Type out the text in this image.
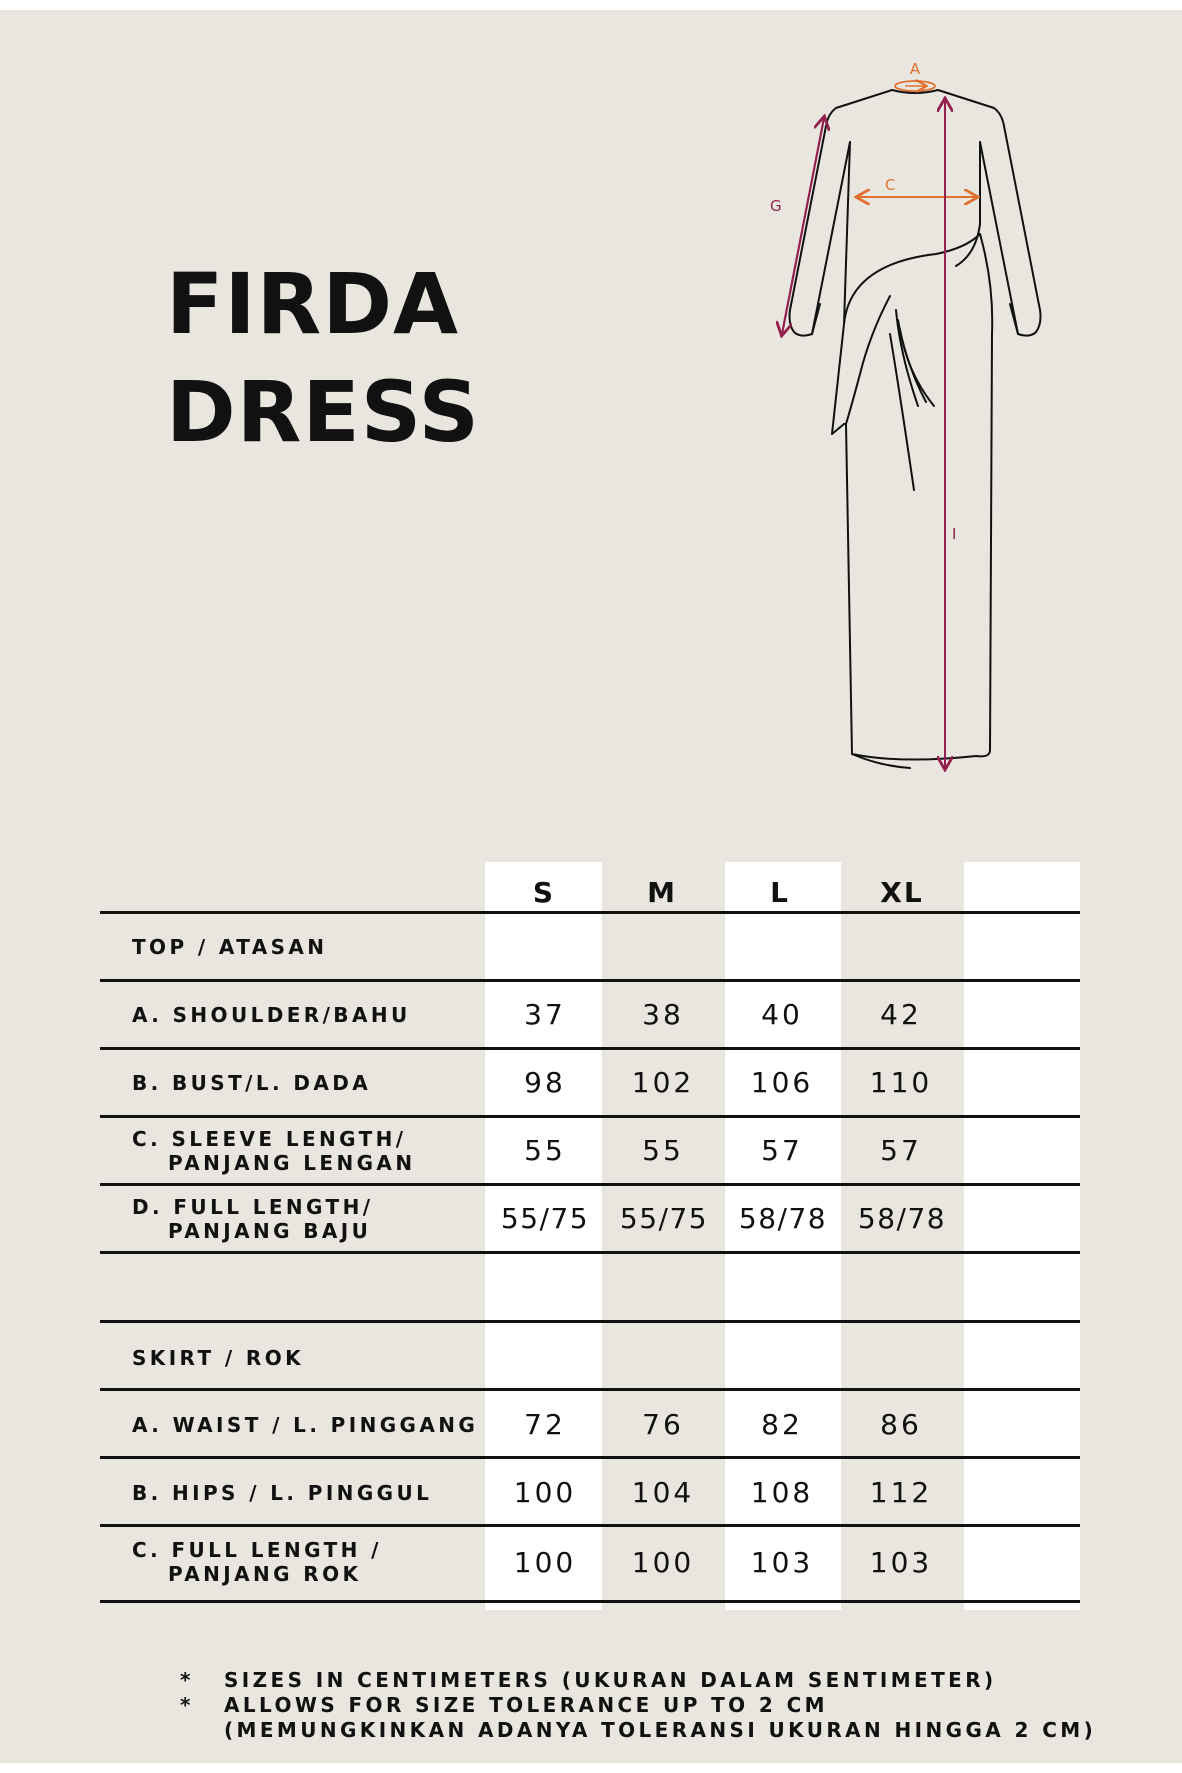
FIRDA
DRESS
A
C
G
I
S	M	L	XL
TOP / ATASAN
SKIRT / ROK
A. SHOULDER/BAHU	37	38	40	42
B. BUST/L. DADA	98	102	106	110
C. SLEEVE LENGTH/
PANJANG LENGAN	55	55	57	57
D. FULL LENGTH/
PANJANG BAJU	55/75	55/75	58/78	58/78
A. WAIST / L. PINGGANG	72	76	82	86
B. HIPS / L. PINGGUL	100	104	108	112
C. FULL LENGTH /
PANJANG ROK	100	100	103	103
* SIZES IN CENTIMETERS (UKURAN DALAM SENTIMETER)
* ALLOWS FOR SIZE TOLERANCE UP TO 2 CM
(MEMUNGKINKAN ADANYA TOLERANSI UKURAN HINGGA 2 CM)
